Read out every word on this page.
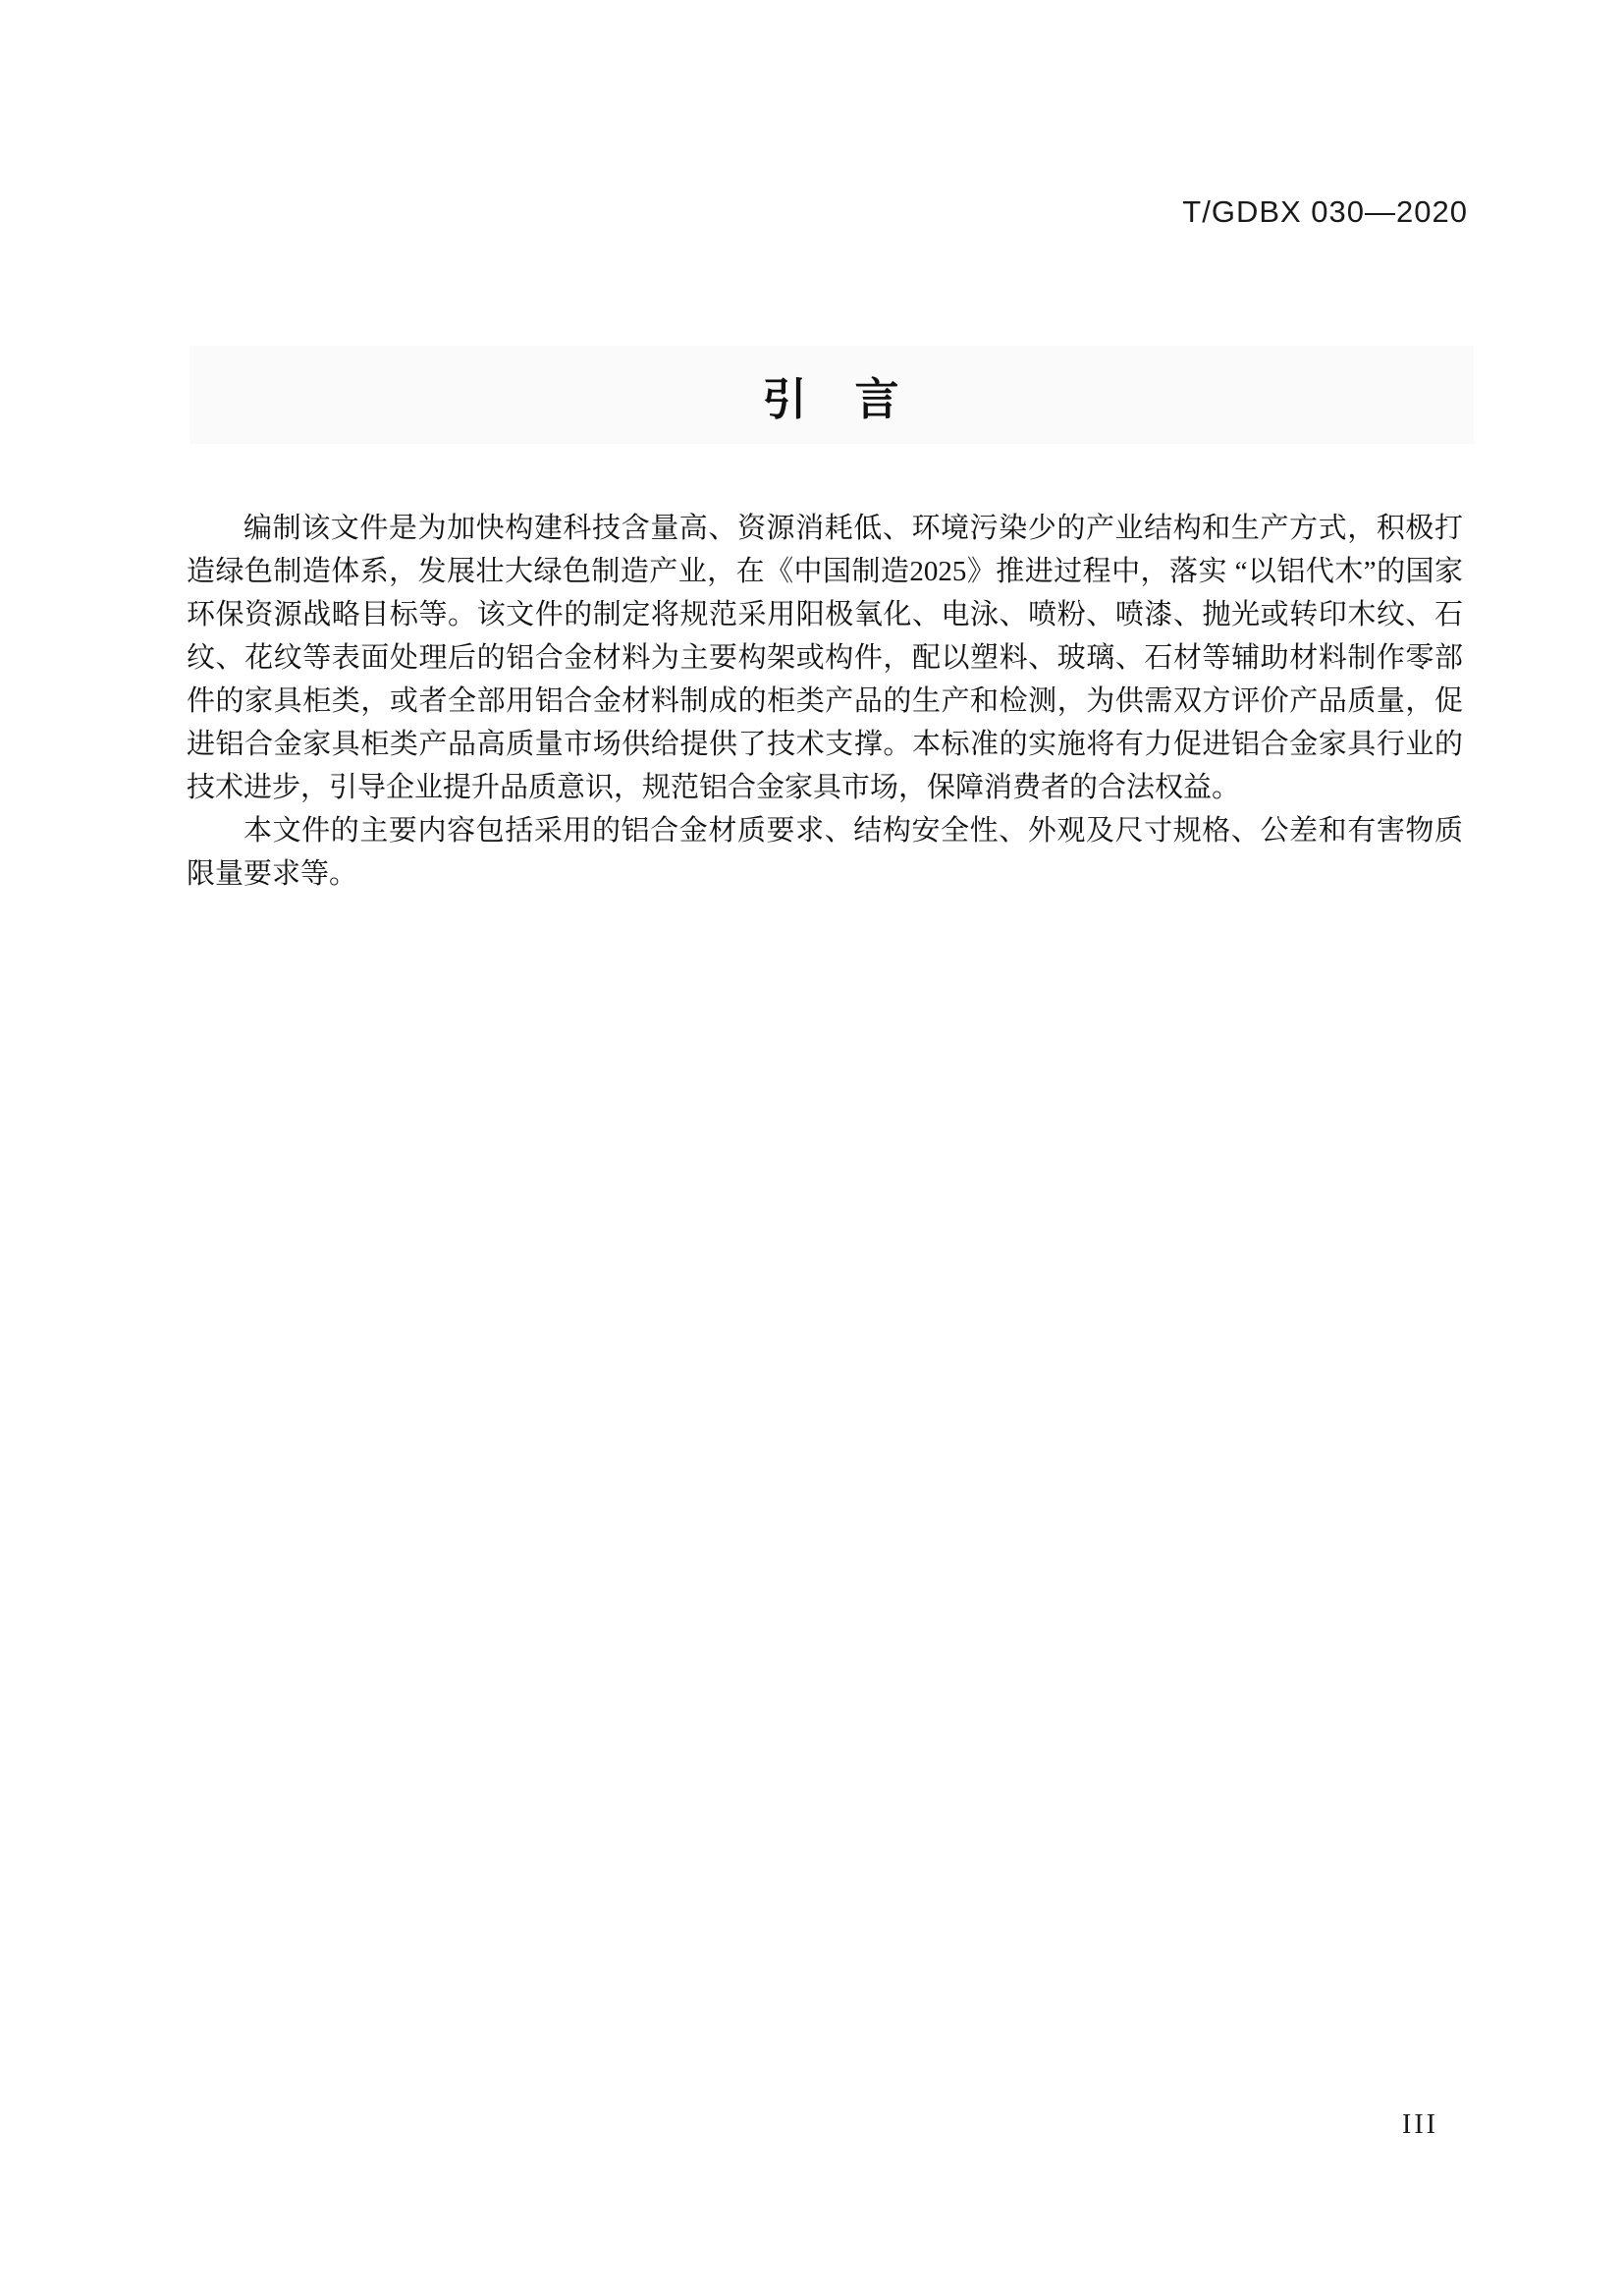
T/GDBX 030—2020
引　言

编制该文件是为加快构建科技含量高、资源消耗低、环境污染少的产业结构和生产方式，积极打造绿色制造体系，发展壮大绿色制造产业，在《中国制造2025》推进过程中，落实 “以铝代木”的国家环保资源战略目标等。该文件的制定将规范采用阳极氧化、电泳、喷粉、喷漆、抛光或转印木纹、石纹、花纹等表面处理后的铝合金材料为主要构架或构件，配以塑料、玻璃、石材等辅助材料制作零部件的家具柜类，或者全部用铝合金材料制成的柜类产品的生产和检测，为供需双方评价产品质量，促进铝合金家具柜类产品高质量市场供给提供了技术支撑。本标准的实施将有力促进铝合金家具行业的技术进步，引导企业提升品质意识，规范铝合金家具市场，保障消费者的合法权益。

本文件的主要内容包括采用的铝合金材质要求、结构安全性、外观及尺寸规格、公差和有害物质限量要求等。

III
